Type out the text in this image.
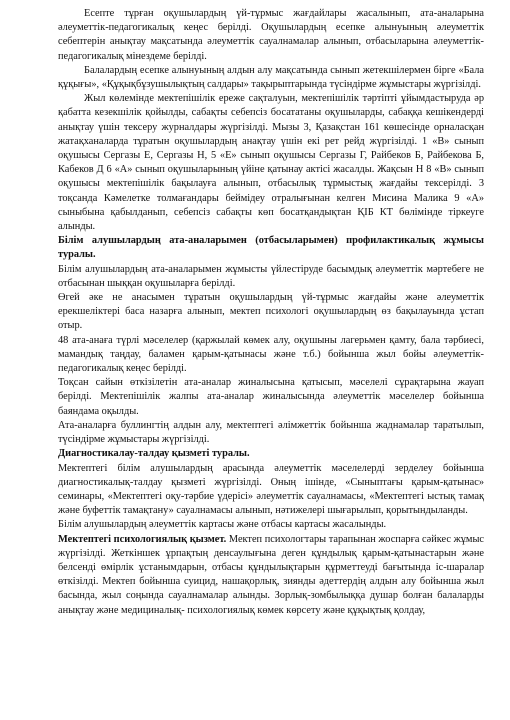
Есепте тұрған оқушылардың үй-тұрмыс жағдайлары жасалынып, ата-аналарына әлеуметтік-педагогикалық кеңес берілді. Оқушылардың есепке алынуының әлеуметтік себептерін анықтау мақсатында әлеуметтік сауалнамалар алынып, отбасыларына әлеуметтік-педагогикалық мінездеме берілді.

Балалардың есепке алынуының алдын алу мақсатында сынып жетекшілермен бірге «Бала құқығы», «Құқықбұзушылықтың салдары» тақырыптарында түсіндірме жұмыстары жүргізілді.

Жыл көлемінде мектепішілік ереже сақталуын, мектепішілік тәртіпті ұйымдастыруда әр қабатта кезекшілік қойылды, сабақты себепсіз босататаны оқушыларды, сабаққа кешікендерді анықтау үшін тексеру журналдары жүргізілді. Мызы 3, Қазақстан 161 көшесінде орналасқан жатақханаларда тұратын оқушылардың анақтау үшін екі рет рейд жүргізілді. 1 «В» сынып оқушысы Сергазы Е, Сергазы Н, 5 «Е» сынып оқушысы Сергазы Г, Райбеков Б, Райбекова Б, Кабеков Д 6 «А» сынып оқушыларының үйіне қатынау актісі жасалды. Жақсын Н 8 «В» сынып оқушысы мектепішілік бақылауға алынып, отбасылық тұрмыстық жағдайы тексерілді. 3 тоқсанда Кәмелетке толмағандары беймідеу отралығынан келген Мисина Малика 9 «А» сыныбына қабылданып, себепсіз сабақты көп босатқандықтан ҚІБ КТ бөлімінде тіркеуге алынды.

Білім алушылардың ата-аналарымен (отбасыларымен) профилактикалық жұмысы туралы.

Білім алушылардың ата-аналарымен жұмысты үйлестіруде басымдық әлеуметтік мәртебеге не отбасынан шыққан оқушыларға берілді.

Өгей әке не анасымен тұратын оқушылардың үй-тұрмыс жағдайы және әлеуметтік ерекшеліктері баса назарға алынып, мектеп психологі оқушылардың өз бақылауында ұстап отыр.

48 ата-анаға түрлі мәселелер (қаржылай көмек алу, оқушыны лагерьмен қамту, бала тәрбиесі, мамандық таңдау, баламен қарым-қатынасы және т.б.) бойынша жыл бойы әлеуметтік-педагогикалық кеңес берілді.

Тоқсан сайын өткізілетін ата-аналар жиналысына қатысып, мәселелі сұрақтарына жауап берілді. Мектепішілік жалпы ата-аналар жиналысында әлеуметтік мәселелер бойынша баяндама оқылды.

Ата-аналарға буллингтің алдын алу, мектептегі әлімжеттік бойынша жаднамалар таратылып, түсіндірме жұмыстары жүргізілді.

Диагностикалау-талдау қызметі туралы.

Мектептегі білім алушылардың арасында әлеуметтік мәселелерді зерделеу бойынша диагностикалық-талдау қызметі жүргізілді. Оның ішінде, «Сыныптағы қарым-қатынас» семинары, «Мектептегі оқу-тәрбие үдерісі» әлеуметтік сауалнамасы, «Мектептегі ыстық тамақ және буфеттік тамақтану» сауалнамасы алынып, нәтижелері шығарылып, қорытындыланды.

Білім алушылардың әлеуметтік картасы және отбасы картасы жасалынды.

Мектептегі психологиялық қызмет. Мектеп психологтары тарапынан жоспарға сәйкес жұмыс жүргізілді. Жеткіншек ұрпақтың денсаулығына деген құндылық қарым-қатынастарын және белсенді өмірлік ұстанымдарын, отбасы құндылықтарын құрметтеуді бағытында іс-шаралар өткізілді. Мектеп бойынша суицид, нашақорлық, зиянды әдеттердің алдын алу бойынша жыл басында, жыл соңында сауалнамалар алынды. Зорлық-зомбылыққа душар болған балаларды анықтау және медициналық- психологиялық көмек көрсету және құқықтық қолдау,
